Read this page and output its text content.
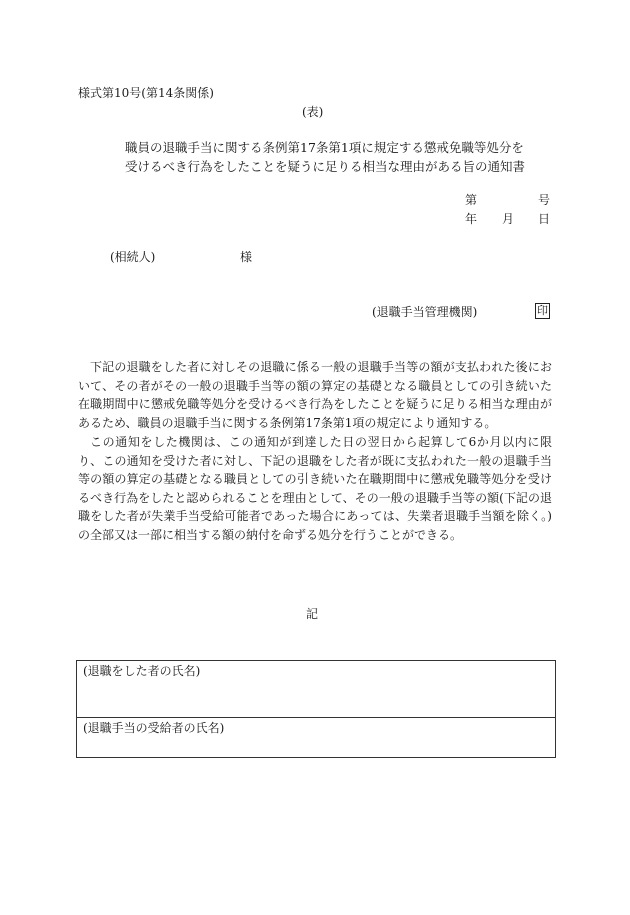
様式第10号(第14条関係)
(表)
職員の退職手当に関する条例第17条第1項に規定する懲戒免職等処分を
受けるべき行為をしたことを疑うに足りる相当な理由がある旨の通知書
第	号
年 月 日
(相続人)	様
(退職手当管理機関)	印

下記の退職をした者に対しその退職に係る一般の退職手当等の額が支払われた後において、その者がその一般の退職手当等の額の算定の基礎となる職員としての引き続いた在職期間中に懲戒免職等処分を受けるべき行為をしたことを疑うに足りる相当な理由があるため、職員の退職手当に関する条例第17条第1項の規定により通知する。

この通知をした機関は、この通知が到達した日の翌日から起算して6か月以内に限り、この通知を受けた者に対し、下記の退職をした者が既に支払われた一般の退職手当等の額の算定の基礎となる職員としての引き続いた在職期間中に懲戒免職等処分を受けるべき行為をしたと認められることを理由として、その一般の退職手当等の額(下記の退職をした者が失業手当受給可能者であった場合にあっては、失業者退職手当額を除く。)の全部又は一部に相当する額の納付を命ずる処分を行うことができる。

記
(退職をした者の氏名)
(退職手当の受給者の氏名)
